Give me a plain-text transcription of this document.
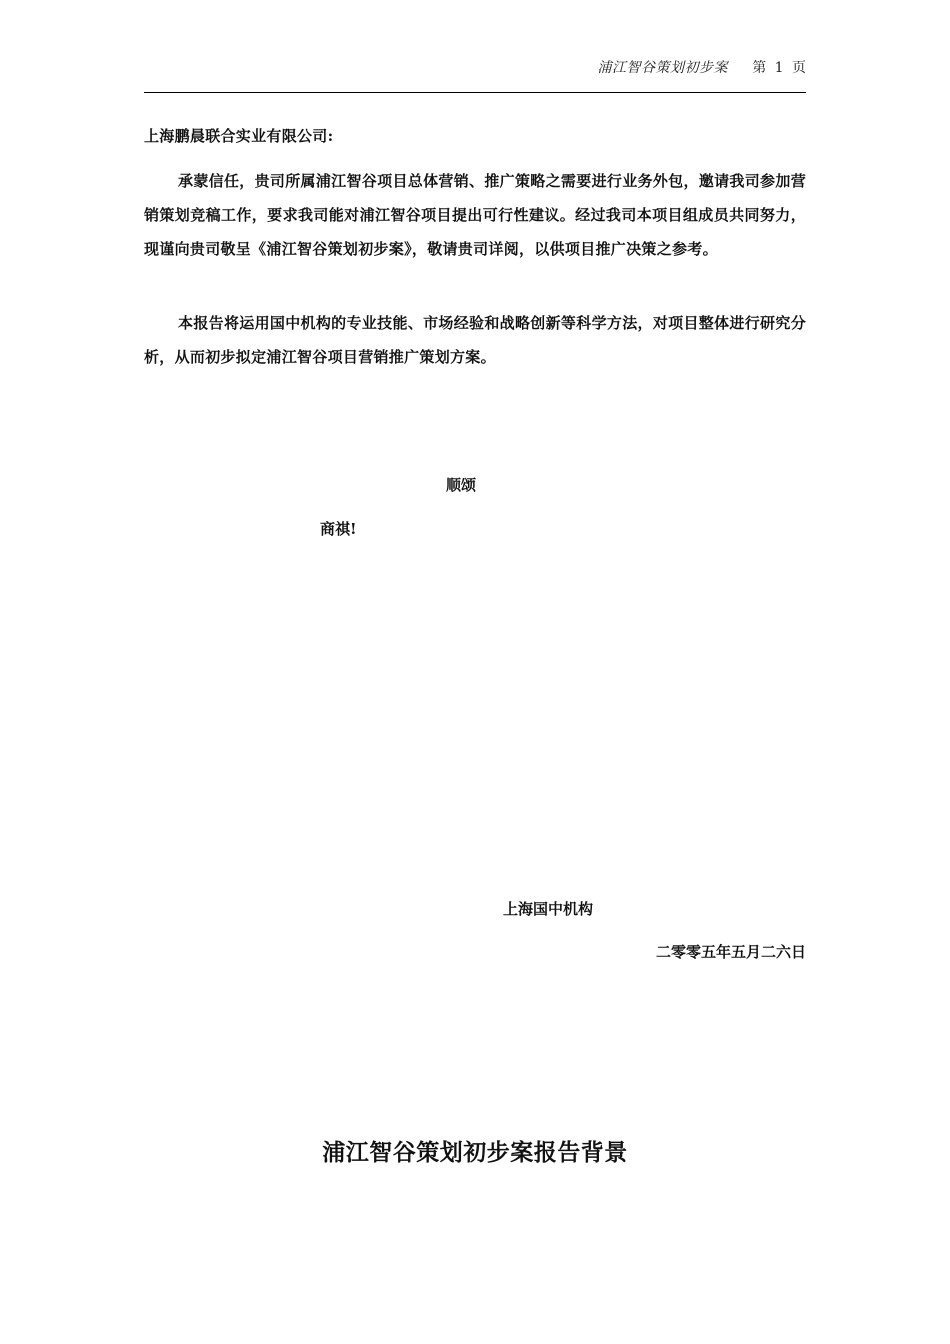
浦江智谷策划初步案 第 1 页
上海鹏晨联合实业有限公司:

承蒙信任，贵司所属浦江智谷项目总体营销、推广策略之需要进行业务外包，邀请我司参加营销策划竞稿工作，要求我司能对浦江智谷项目提出可行性建议。经过我司本项目组成员共同努力，现谨向贵司敬呈《浦江智谷策划初步案》，敬请贵司详阅，以供项目推广决策之参考。

本报告将运用国中机构的专业技能、市场经验和战略创新等科学方法，对项目整体进行研究分析，从而初步拟定浦江智谷项目营销推广策划方案。

顺颂
商祺!
上海国中机构
二零零五年五月二六日
浦江智谷策划初步案报告背景
